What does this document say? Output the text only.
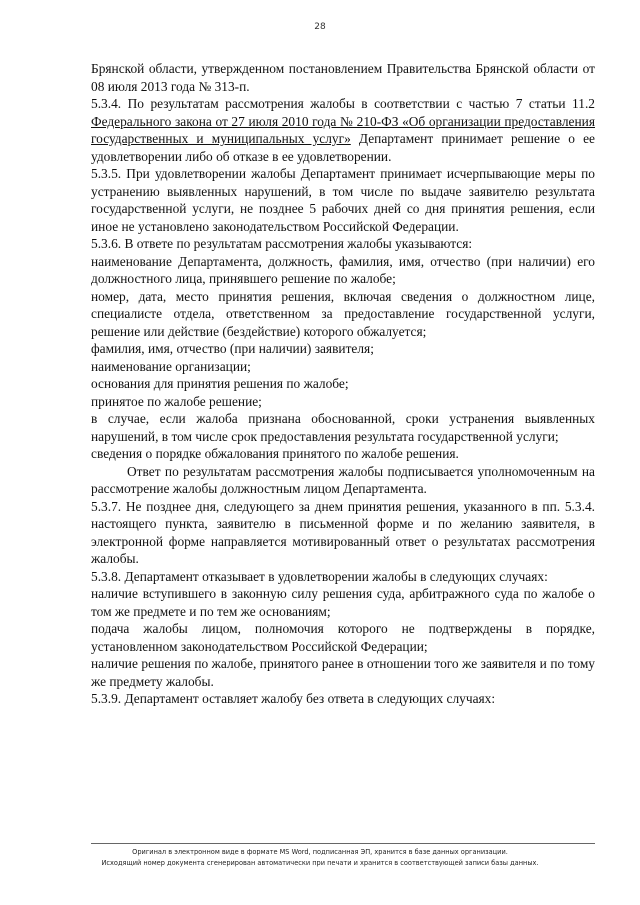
28

Брянской области, утвержденном постановлением Правительства Брянской области от 08 июля 2013 года № 313-п.

5.3.4. По результатам рассмотрения жалобы в соответствии с частью 7 статьи 11.2 Федерального закона от 27 июля 2010 года № 210-ФЗ «Об организации предоставления государственных и муниципальных услуг» Департамент принимает решение о ее удовлетворении либо об отказе в ее удовлетворении.

5.3.5. При удовлетворении жалобы Департамент принимает исчерпывающие меры по устранению выявленных нарушений, в том числе по выдаче заявителю результата государственной услуги, не позднее 5 рабочих дней со дня принятия решения, если иное не установлено законодательством Российской Федерации.

5.3.6. В ответе по результатам рассмотрения жалобы указываются:

наименование Департамента, должность, фамилия, имя, отчество (при наличии) его должностного лица, принявшего решение по жалобе;

номер, дата, место принятия решения, включая сведения о должностном лице, специалисте отдела, ответственном за предоставление государственной услуги, решение или действие (бездействие) которого обжалуется;

фамилия, имя, отчество (при наличии) заявителя;

наименование организации;

основания для принятия решения по жалобе;

принятое по жалобе решение;

в случае, если жалоба признана обоснованной, сроки устранения выявленных нарушений, в том числе срок предоставления результата государственной услуги;

сведения о порядке обжалования принятого по жалобе решения.

Ответ по результатам рассмотрения жалобы подписывается уполномоченным на рассмотрение жалобы должностным лицом Департамента.

5.3.7. Не позднее дня, следующего за днем принятия решения, указанного в пп. 5.3.4. настоящего пункта, заявителю в письменной форме и по желанию заявителя, в электронной форме направляется мотивированный ответ о результатах рассмотрения жалобы.

5.3.8. Департамент отказывает в удовлетворении жалобы в следующих случаях:

наличие вступившего в законную силу решения суда, арбитражного суда по жалобе о том же предмете и по тем же основаниям;

подача жалобы лицом, полномочия которого не подтверждены в порядке, установленном законодательством Российской Федерации;

наличие решения по жалобе, принятого ранее в отношении того же заявителя и по тому же предмету жалобы.

5.3.9. Департамент оставляет жалобу без ответа в следующих случаях:

Оригинал в электронном виде в формате MS Word, подписанная ЭП, хранится в базе данных организации.
Исходящий номер документа сгенерирован автоматически при печати и хранится в соответствующей записи базы данных.
